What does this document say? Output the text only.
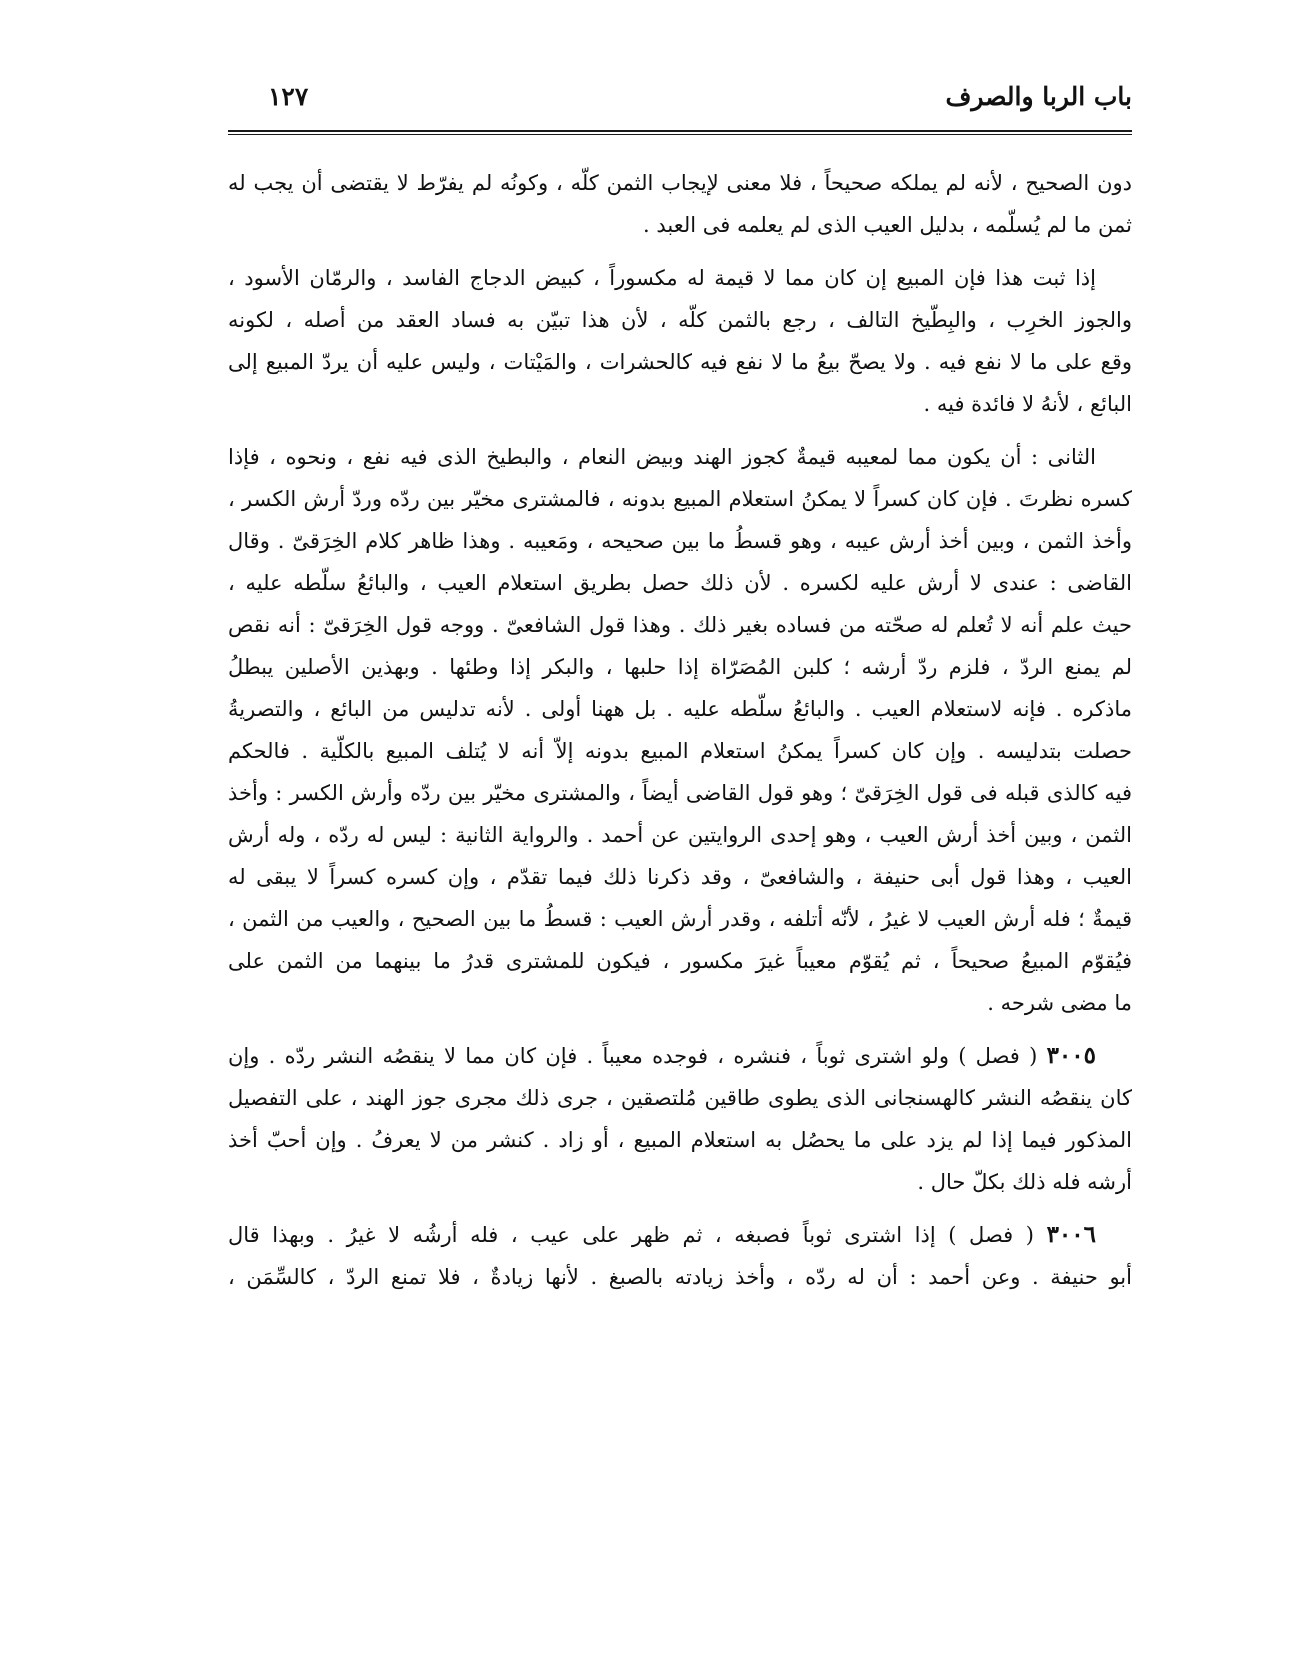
باب الربا والصرف
١٢٧

دون الصحيح ، لأنه لم يملكه صحيحاً ، فلا معنى لإيجاب الثمن كلّه ، وكونُه لم يفرّط لا يقتضى أن يجب له
ثمن ما لم يُسلّمه ، بدليل العيب الذى لم يعلمه فى العبد .

إذا ثبت هذا فإن المبيع إن كان مما لا قيمة له مكسوراً ، كبيض الدجاج الفاسد ، والرمّان الأسود ،
والجوز الخرِب ، والبِطّيخ التالف ، رجع بالثمن كلّه ، لأن هذا تبيّن به فساد العقد من أصله ، لكونه
وقع على ما لا نفع فيه . ولا يصحّ بيعُ ما لا نفع فيه كالحشرات ، والمَيْتات ، وليس عليه أن يردّ المبيع إلى
البائع ، لأنهُ لا فائدة فيه .

الثانى : أن يكون مما لمعيبه قيمةٌ كجوز الهند وبيض النعام ، والبطيخ الذى فيه نفع ، ونحوه ، فإذا
كسره نظرتَ . فإن كان كسراً لا يمكنُ استعلام المبيع بدونه ، فالمشترى مخيّر بين ردّه وردّ أرش الكسر ،
وأخذ الثمن ، وبين أخذ أرش عيبه ، وهو قسطُ ما بين صحيحه ، ومَعيبه . وهذا ظاهر كلام الخِرَقىّ . وقال
القاضى : عندى لا أرش عليه لكسره . لأن ذلك حصل بطريق استعلام العيب ، والبائعُ سلّطه عليه ،
حيث علم أنه لا تُعلم له صحّته من فساده بغير ذلك . وهذا قول الشافعىّ . ووجه قول الخِرَقىّ : أنه نقص
لم يمنع الردّ ، فلزم ردّ أرشه ؛ كلبن المُصَرّاة إذا حلبها ، والبكر إذا وطئها . وبهذين الأصلين يبطلُ
ماذكره . فإنه لاستعلام العيب . والبائعُ سلّطه عليه . بل ههنا أولى . لأنه تدليس من البائع ، والتصريةُ
حصلت بتدليسه . وإن كان كسراً يمكنُ استعلام المبيع بدونه إلاّ أنه لا يُتلف المبيع بالكلّية . فالحكم
فيه كالذى قبله فى قول الخِرَقىّ ؛ وهو قول القاضى أيضاً ، والمشترى مخيّر بين ردّه وأرش الكسر : وأخذ
الثمن ، وبين أخذ أرش العيب ، وهو إحدى الروايتين عن أحمد . والرواية الثانية : ليس له ردّه ، وله أرش
العيب ، وهذا قول أبى حنيفة ، والشافعىّ ، وقد ذكرنا ذلك فيما تقدّم ، وإن كسره كسراً لا يبقى له
قيمةٌ ؛ فله أرش العيب لا غيرُ ، لأنّه أتلفه ، وقدر أرش العيب : قسطُ ما بين الصحيح ، والعيب من الثمن ،
فيُقوّم المبيعُ صحيحاً ، ثم يُقوّم معيباً غيرَ مكسور ، فيكون للمشترى قدرُ ما بينهما من الثمن على
ما مضى شرحه .

٣٠٠٥ ( فصل ) ولو اشترى ثوباً ، فنشره ، فوجده معيباً . فإن كان مما لا ينقصُه النشر ردّه . وإن
كان ينقصُه النشر كالهسنجانى الذى يطوى طاقين مُلتصقين ، جرى ذلك مجرى جوز الهند ، على التفصيل
المذكور فيما إذا لم يزد على ما يحصُل به استعلام المبيع ، أو زاد . كنشر من لا يعرفُ . وإن أحبّ أخذ
أرشه فله ذلك بكلّ حال .

٣٠٠٦ ( فصل ) إذا اشترى ثوباً فصبغه ، ثم ظهر على عيب ، فله أرشُه لا غيرُ . وبهذا قال
أبو حنيفة . وعن أحمد : أن له ردّه ، وأخذ زيادته بالصبغ . لأنها زيادةٌ ، فلا تمنع الردّ ، كالسِّمَن ،
